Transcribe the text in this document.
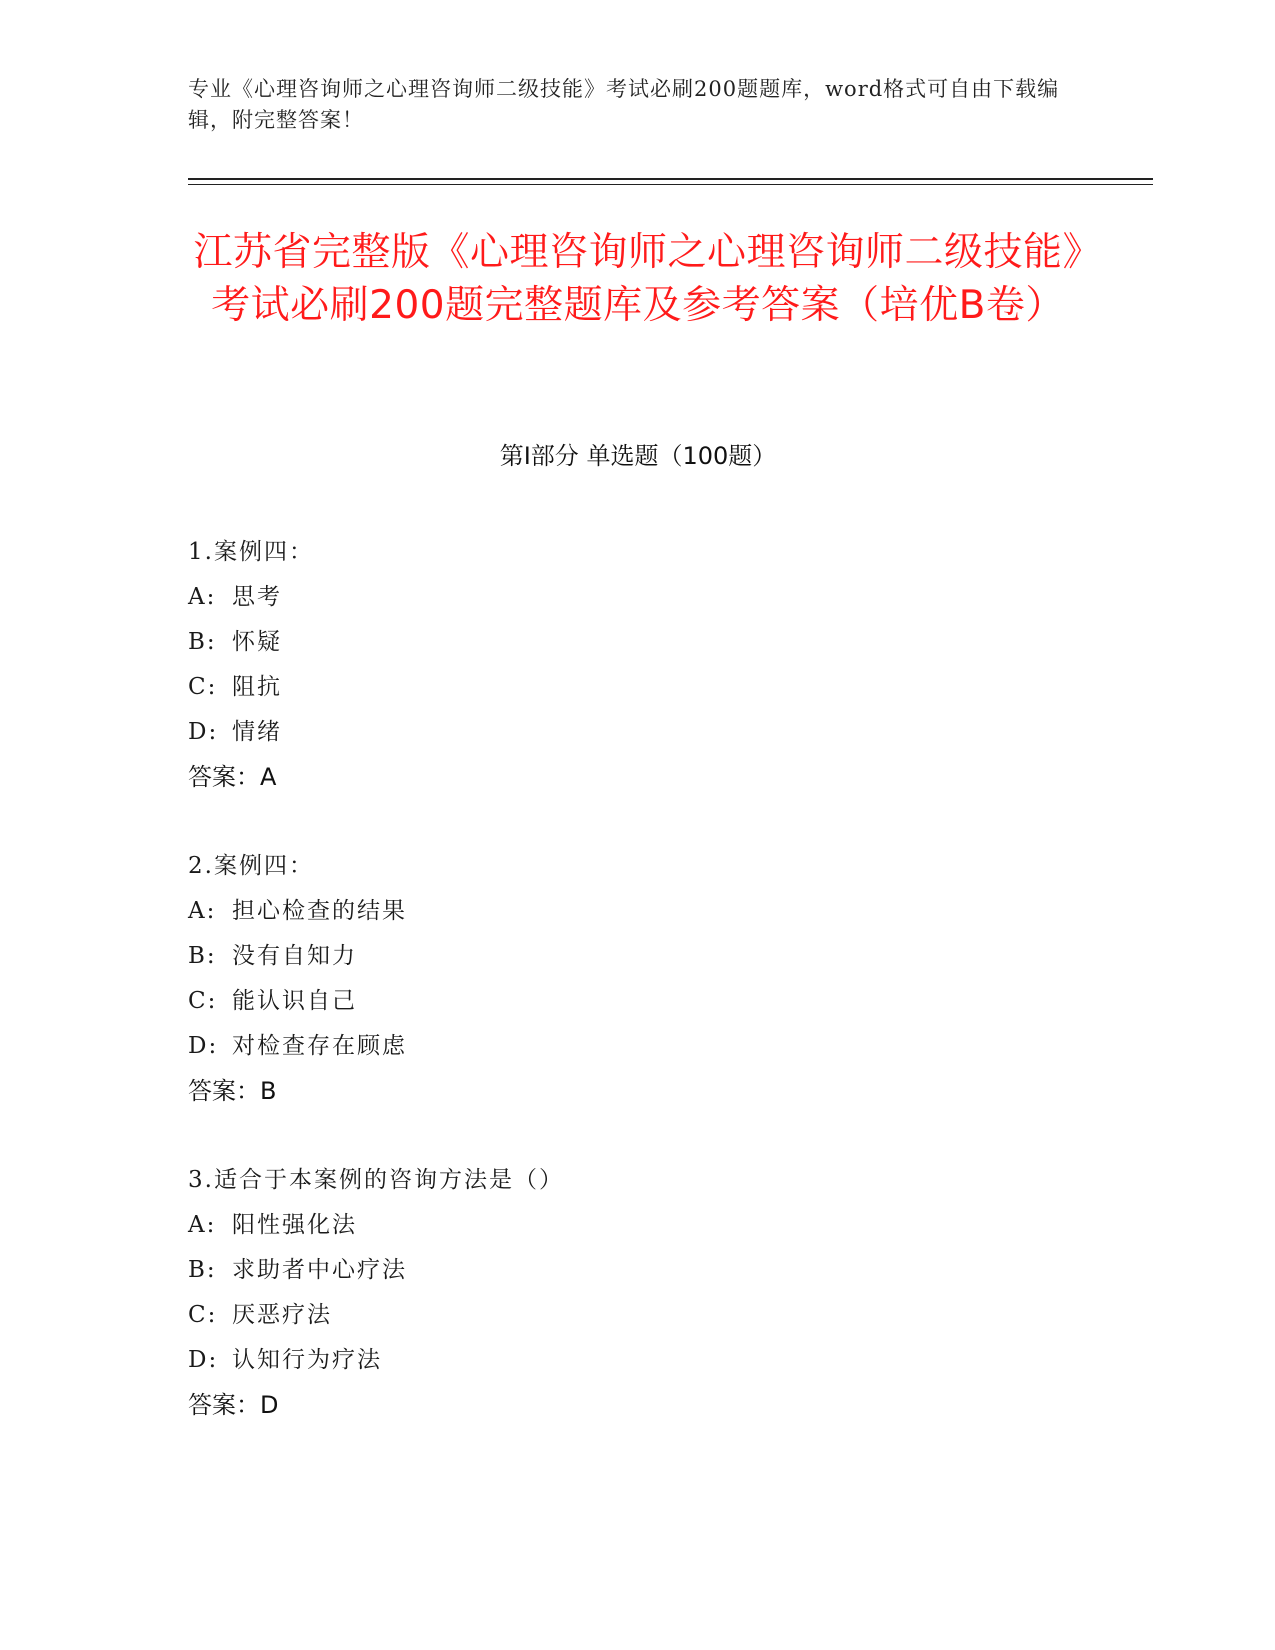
专业《心理咨询师之心理咨询师二级技能》考试必刷200题题库，word格式可自由下载编辑，附完整答案！
江苏省完整版《心理咨询师之心理咨询师二级技能》考试必刷200题完整题库及参考答案（培优B卷）
第Ⅰ部分 单选题（100题）
1.案例四：
A: 思考
B: 怀疑
C: 阻抗
D: 情绪
答案：A
2.案例四：
A: 担心检查的结果
B: 没有自知力
C: 能认识自己
D: 对检查存在顾虑
答案：B
3.适合于本案例的咨询方法是（）
A: 阳性强化法
B: 求助者中心疗法
C: 厌恶疗法
D: 认知行为疗法
答案：D
